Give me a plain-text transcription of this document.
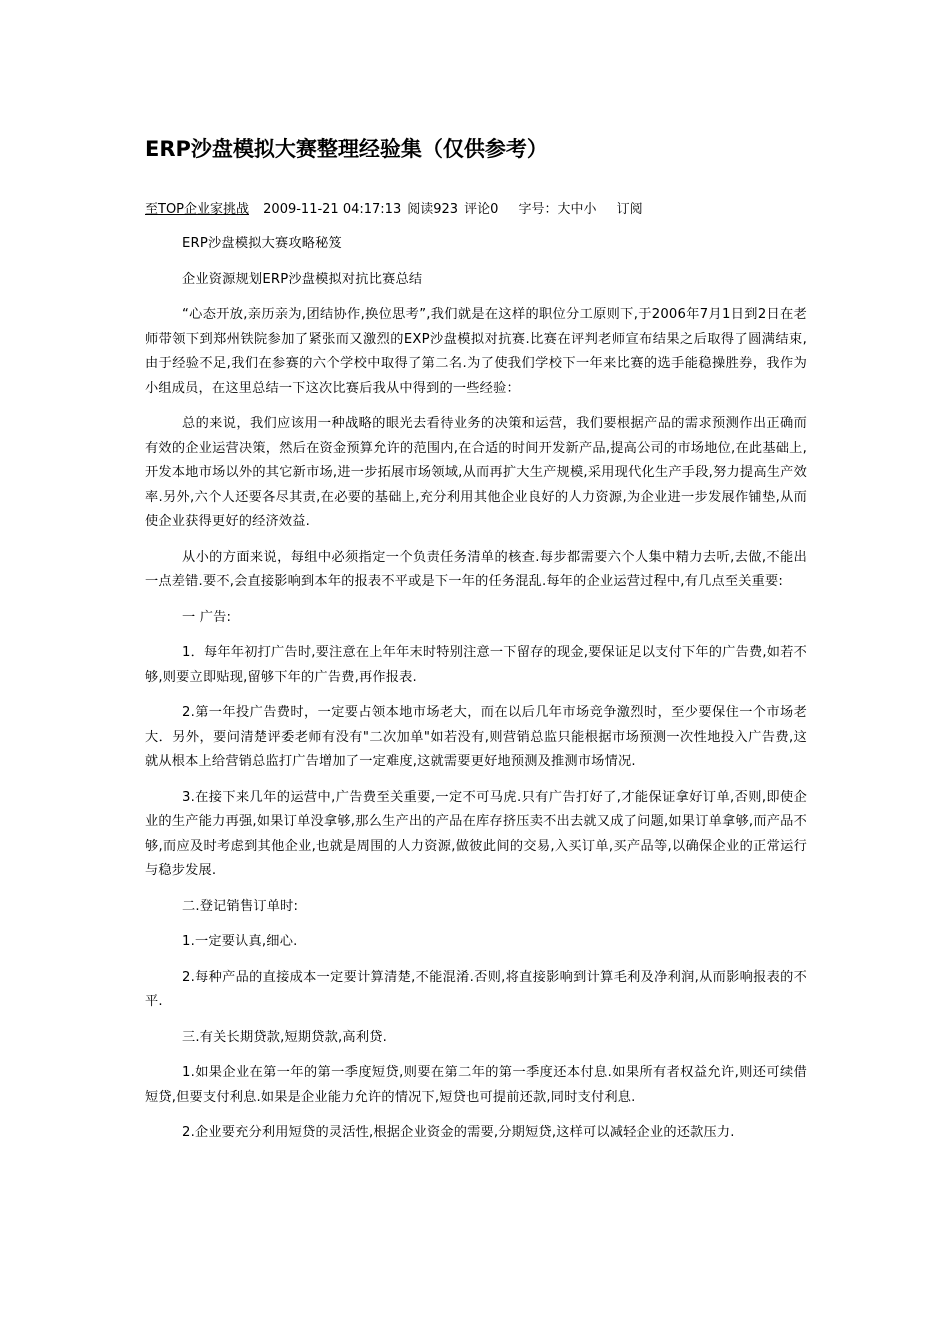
ERP沙盘模拟大赛整理经验集（仅供参考）
至TOP企业家挑战 2009-11-21 04:17:13 阅读923 评论0 字号：大中小 订阅

ERP沙盘模拟大赛攻略秘笈

企业资源规划ERP沙盘模拟对抗比赛总结

“心态开放,亲历亲为,团结协作,换位思考”,我们就是在这样的职位分工原则下,于2006年7月1日到2日在老师带领下到郑州铁院参加了紧张而又激烈的EXP沙盘模拟对抗赛.比赛在评判老师宣布结果之后取得了圆满结束,由于经验不足,我们在参赛的六个学校中取得了第二名.为了使我们学校下一年来比赛的选手能稳操胜券，我作为小组成员，在这里总结一下这次比赛后我从中得到的一些经验：

总的来说，我们应该用一种战略的眼光去看待业务的决策和运营，我们要根据产品的需求预测作出正确而有效的企业运营决策，然后在资金预算允许的范围内,在合适的时间开发新产品,提高公司的市场地位,在此基础上,开发本地市场以外的其它新市场,进一步拓展市场领域,从而再扩大生产规模,采用现代化生产手段,努力提高生产效率.另外,六个人还要各尽其责,在必要的基础上,充分利用其他企业良好的人力资源,为企业进一步发展作铺垫,从而使企业获得更好的经济效益.

从小的方面来说，每组中必须指定一个负责任务清单的核查.每步都需要六个人集中精力去听,去做,不能出一点差错.要不,会直接影响到本年的报表不平或是下一年的任务混乱.每年的企业运营过程中,有几点至关重要:

一 广告:

1．每年年初打广告时,要注意在上年年末时特别注意一下留存的现金,要保证足以支付下年的广告费,如若不够,则要立即贴现,留够下年的广告费,再作报表.

2.第一年投广告费时，一定要占领本地市场老大，而在以后几年市场竞争激烈时，至少要保住一个市场老大．另外，要问清楚评委老师有没有"二次加单"如若没有,则营销总监只能根据市场预测一次性地投入广告费,这就从根本上给营销总监打广告增加了一定难度,这就需要更好地预测及推测市场情况.

3.在接下来几年的运营中,广告费至关重要,一定不可马虎.只有广告打好了,才能保证拿好订单,否则,即使企业的生产能力再强,如果订单没拿够,那么生产出的产品在库存挤压卖不出去就又成了问题,如果订单拿够,而产品不够,而应及时考虑到其他企业,也就是周围的人力资源,做彼此间的交易,入买订单,买产品等,以确保企业的正常运行与稳步发展.

二.登记销售订单时:

1.一定要认真,细心.

2.每种产品的直接成本一定要计算清楚,不能混淆.否则,将直接影响到计算毛利及净利润,从而影响报表的不平.

三.有关长期贷款,短期贷款,高利贷.

1.如果企业在第一年的第一季度短贷,则要在第二年的第一季度还本付息.如果所有者权益允许,则还可续借短贷,但要支付利息.如果是企业能力允许的情况下,短贷也可提前还款,同时支付利息.

2.企业要充分利用短贷的灵活性,根据企业资金的需要,分期短贷,这样可以减轻企业的还款压力.
